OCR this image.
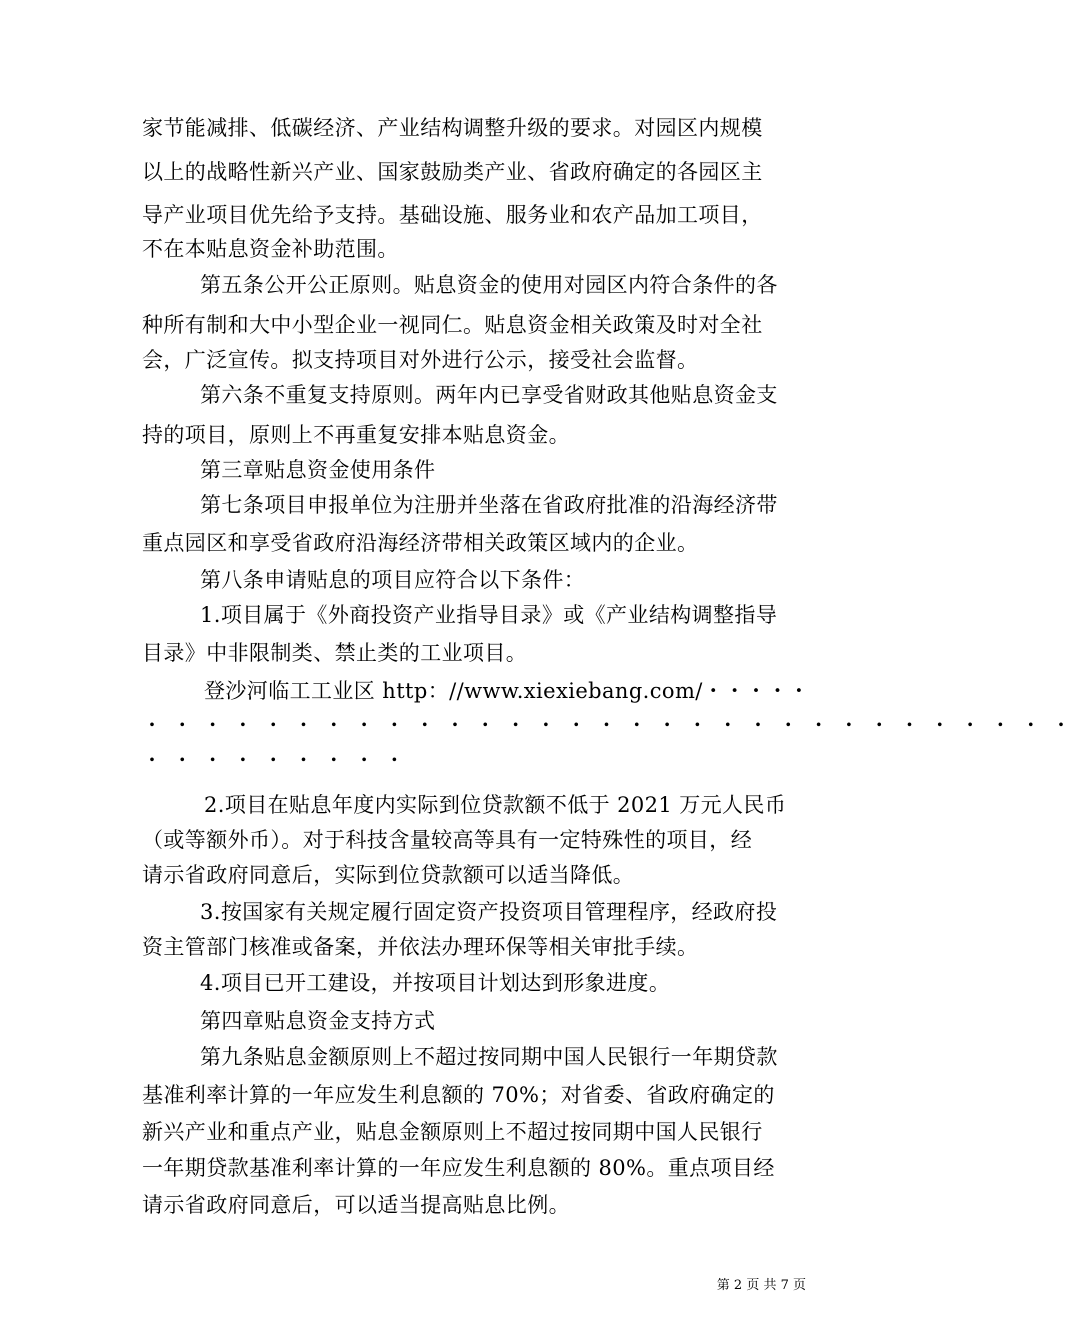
家节能减排、低碳经济、产业结构调整升级的要求。对园区内规模
以上的战略性新兴产业、国家鼓励类产业、省政府确定的各园区主
导产业项目优先给予支持。基础设施、服务业和农产品加工项目，
不在本贴息资金补助范围。
第五条公开公正原则。贴息资金的使用对园区内符合条件的各
种所有制和大中小型企业一视同仁。贴息资金相关政策及时对全社
会，广泛宣传。拟支持项目对外进行公示，接受社会监督。
第六条不重复支持原则。两年内已享受省财政其他贴息资金支
持的项目，原则上不再重复安排本贴息资金。
第三章贴息资金使用条件
第七条项目申报单位为注册并坐落在省政府批准的沿海经济带
重点园区和享受省政府沿海经济带相关政策区域内的企业。
第八条申请贴息的项目应符合以下条件：
1.项目属于《外商投资产业指导目录》或《产业结构调整指导
目录》中非限制类、禁止类的工业项目。
登沙河临工工业区 http：//www.xiexiebang.com/・・・・・
・・・・・・・・・・・・・・・・・・・・・・・・・・・・・・・
・・・・・・・・・
2.项目在贴息年度内实际到位贷款额不低于 2021 万元人民币
（或等额外币）。对于科技含量较高等具有一定特殊性的项目，经
请示省政府同意后，实际到位贷款额可以适当降低。
3.按国家有关规定履行固定资产投资项目管理程序，经政府投
资主管部门核准或备案，并依法办理环保等相关审批手续。
4.项目已开工建设，并按项目计划达到形象进度。
第四章贴息资金支持方式
第九条贴息金额原则上不超过按同期中国人民银行一年期贷款
基准利率计算的一年应发生利息额的 70%；对省委、省政府确定的
新兴产业和重点产业，贴息金额原则上不超过按同期中国人民银行
一年期贷款基准利率计算的一年应发生利息额的 80%。重点项目经
请示省政府同意后，可以适当提高贴息比例。
第 2 页 共 7 页
